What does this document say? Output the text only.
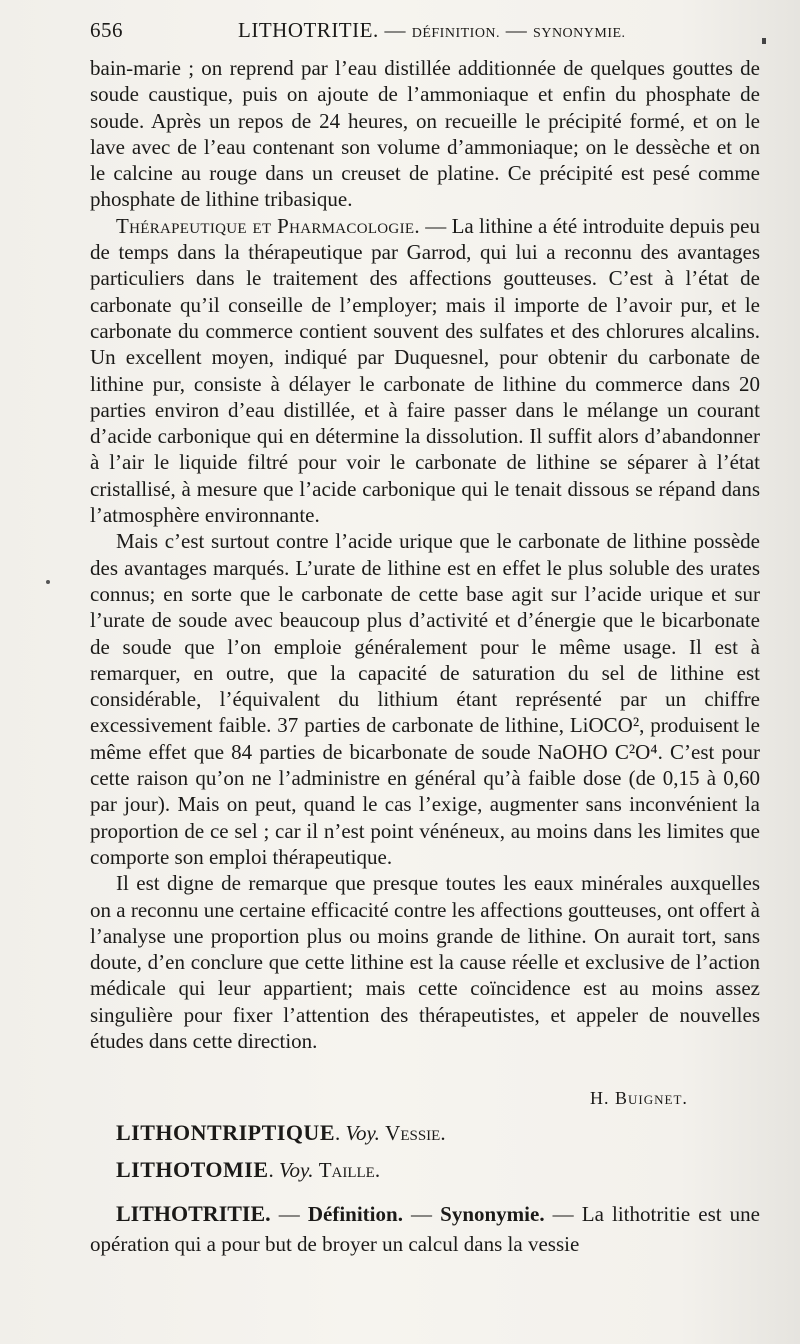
656	LITHOTRITIE. — DÉFINITION. — SYNONYMIE.

bain-marie ; on reprend par l’eau distillée additionnée de quelques gouttes de soude caustique, puis on ajoute de l’ammoniaque et enfin du phosphate de soude. Après un repos de 24 heures, on recueille le précipité formé, et on le lave avec de l’eau contenant son volume d’ammoniaque; on le dessèche et on le calcine au rouge dans un creuset de platine. Ce précipité est pesé comme phosphate de lithine tribasique.

Thérapeutique et Pharmacologie. — La lithine a été introduite depuis peu de temps dans la thérapeutique par Garrod, qui lui a reconnu des avantages particuliers dans le traitement des affections goutteuses. C’est à l’état de carbonate qu’il conseille de l’employer; mais il importe de l’avoir pur, et le carbonate du commerce contient souvent des sulfates et des chlorures alcalins. Un excellent moyen, indiqué par Duquesnel, pour obtenir du carbonate de lithine pur, consiste à délayer le carbonate de lithine du commerce dans 20 parties environ d’eau distillée, et à faire passer dans le mélange un courant d’acide carbonique qui en détermine la dissolution. Il suffit alors d’abandonner à l’air le liquide filtré pour voir le carbonate de lithine se séparer à l’état cristallisé, à mesure que l’acide carbonique qui le tenait dissous se répand dans l’atmosphère environnante.

Mais c’est surtout contre l’acide urique que le carbonate de lithine possède des avantages marqués. L’urate de lithine est en effet le plus soluble des urates connus; en sorte que le carbonate de cette base agit sur l’acide urique et sur l’urate de soude avec beaucoup plus d’activité et d’énergie que le bicarbonate de soude que l’on emploie généralement pour le même usage. Il est à remarquer, en outre, que la capacité de saturation du sel de lithine est considérable, l’équivalent du lithium étant représenté par un chiffre excessivement faible. 37 parties de carbonate de lithine, LiOCO², produisent le même effet que 84 parties de bicarbonate de soude NaOHO C²O⁴. C’est pour cette raison qu’on ne l’administre en général qu’à faible dose (de 0,15 à 0,60 par jour). Mais on peut, quand le cas l’exige, augmenter sans inconvénient la proportion de ce sel ; car il n’est point vénéneux, au moins dans les limites que comporte son emploi thérapeutique.

Il est digne de remarque que presque toutes les eaux minérales auxquelles on a reconnu une certaine efficacité contre les affections goutteuses, ont offert à l’analyse une proportion plus ou moins grande de lithine. On aurait tort, sans doute, d’en conclure que cette lithine est la cause réelle et exclusive de l’action médicale qui leur appartient; mais cette coïncidence est au moins assez singulière pour fixer l’attention des thérapeutistes, et appeler de nouvelles études dans cette direction.

H. Buignet.
LITHONTRIPTIQUE. Voy. Vessie.
LITHOTOMIE. Voy. Taille.
LITHOTRITIE. — Définition. — Synonymie. — La lithotritie est une opération qui a pour but de broyer un calcul dans la vessie
